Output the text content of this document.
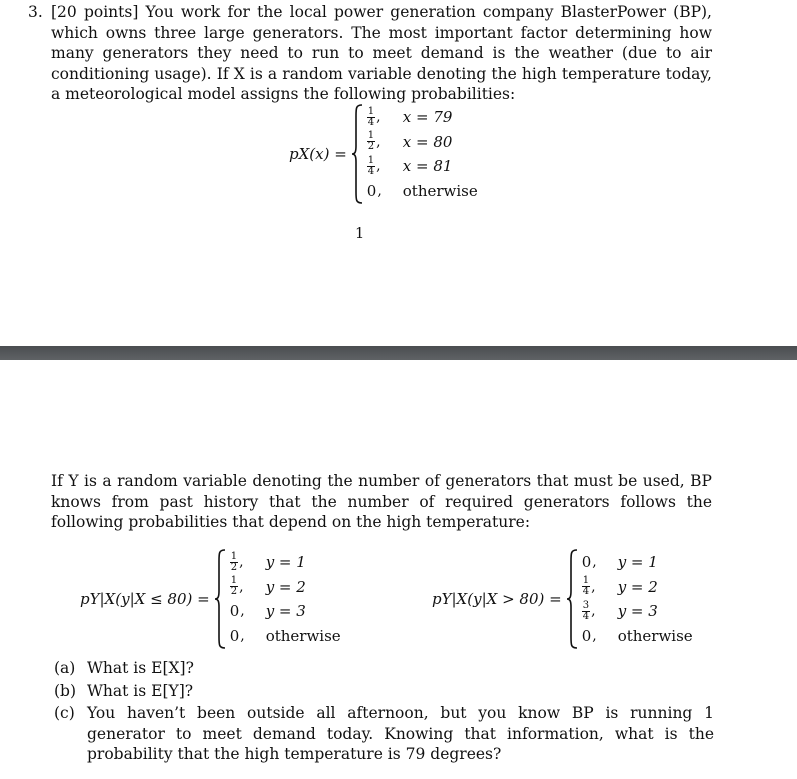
3. [20 points] You work for the local power generation company BlasterPower (BP), which owns three large generators. The most important factor determining how many generators they need to run to meet demand is the weather (due to air conditioning usage). If X is a random variable denoting the high temperature today, a meteorological model assigns the following probabilities:

pX(x) =
$\frac{1}{4}$ , x = 79
$\frac{1}{2}$ , x = 80
$\frac{1}{4}$ , x = 81
0 , otherwise
1

If Y is a random variable denoting the number of generators that must be used, BP knows from past history that the number of required generators follows the following probabilities that depend on the high temperature:

pY|X(y|X ≤ 80) =
$\frac{1}{2}$ , y = 1
$\frac{1}{2}$ , y = 2
0 , y = 3
0 , otherwise
pY|X(y|X > 80) =
0 , y = 1
$\frac{1}{4}$ , y = 2
$\frac{3}{4}$ , y = 3
0 , otherwise
(a) What is E[X]?
(b) What is E[Y]?
(c) You haven’t been outside all afternoon, but you know BP is running 1 generator to meet demand today. Knowing that information, what is the probability that the high temperature is 79 degrees?
